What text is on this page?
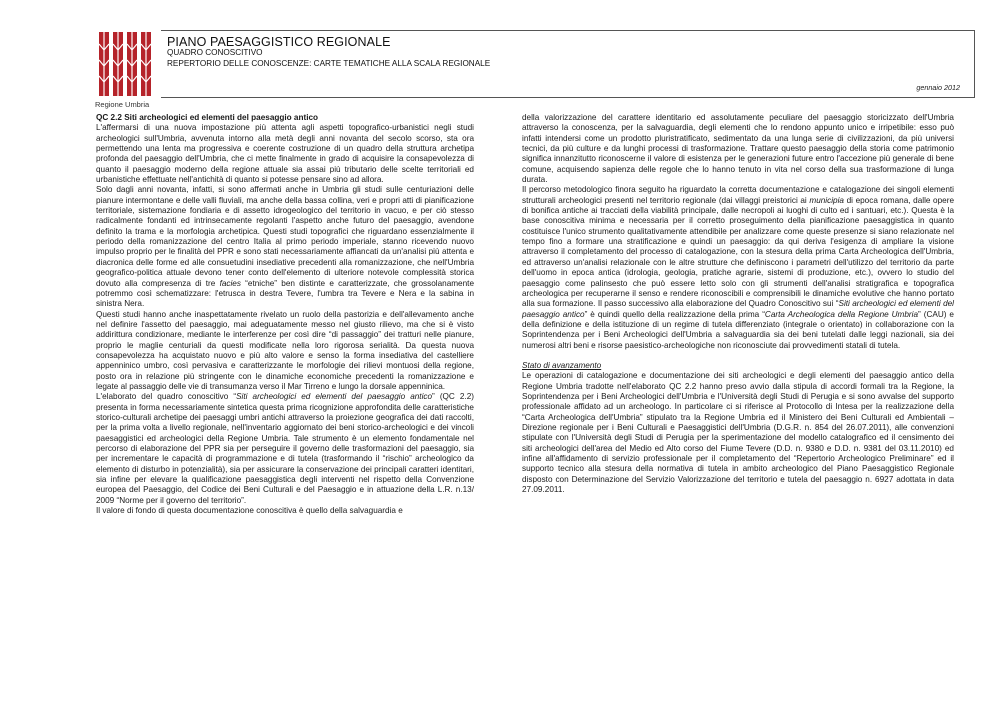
Regione Umbria
PIANO PAESAGGISTICO REGIONALE
QUADRO CONOSCITIVO
REPERTORIO DELLE CONOSCENZE: CARTE TEMATICHE ALLA SCALA REGIONALE
gennaio 2012

QC 2.2 Siti archeologici ed elementi del paesaggio antico

L'affermarsi di una nuova impostazione più attenta agli aspetti topografico-urbanistici negli studi archeologici sull'Umbria, avvenuta intorno alla metà degli anni novanta del secolo scorso, sta ora permettendo una lenta ma progressiva e coerente costruzione di un quadro della struttura archetipa profonda del paesaggio dell'Umbria, che ci mette finalmente in grado di acquisire la consapevolezza di quanto il paesaggio moderno della regione attuale sia assai più tributario delle scelte territoriali ed urbanistiche effettuate nell'antichità di quanto si potesse pensare sino ad allora.

Solo dagli anni novanta, infatti, si sono affermati anche in Umbria gli studi sulle centuriazioni delle pianure intermontane e delle valli fluviali, ma anche della bassa collina, veri e propri atti di pianificazione territoriale, sistemazione fondiaria e di assetto idrogeologico del territorio in vacuo, e per ciò stesso radicalmente fondanti ed intrinsecamente regolanti l'aspetto anche futuro del paesaggio, avendone definito la trama e la morfologia archetipica. Questi studi topografici che riguardano essenzialmente il periodo della romanizzazione del centro Italia al primo periodo imperiale, stanno ricevendo nuovo impulso proprio per le finalità del PPR e sono stati necessariamente affiancati da un'analisi più attenta e diacronica delle forme ed alle consuetudini insediative precedenti alla romanizzazione, che nell'Umbria geografico-politica attuale devono tener conto dell'elemento di ulteriore notevole complessità storica dovuto alla compresenza di tre facies “etniche” ben distinte e caratterizzate, che grossolanamente potremmo così schematizzare: l'etrusca in destra Tevere, l'umbra tra Tevere e Nera e la sabina in sinistra Nera.

Questi studi hanno anche inaspettatamente rivelato un ruolo della pastorizia e dell'allevamento anche nel definire l'assetto del paesaggio, mai adeguatamente messo nel giusto rilievo, ma che si è visto addirittura condizionare, mediante le interferenze per così dire “di passaggio” dei tratturi nelle pianure, proprio le maglie centuriali da questi modificate nella loro rigorosa serialità. Da questa nuova consapevolezza ha acquistato nuovo e più alto valore e senso la forma insediativa del castelliere appenninico umbro, così pervasiva e caratterizzante le morfologie dei rilievi montuosi della regione, posto ora in relazione più stringente con le dinamiche economiche precedenti la romanizzazione e legate al passaggio delle vie di transumanza verso il Mar Tirreno e lungo la dorsale appenninica.

L'elaborato del quadro conoscitivo “Siti archeologici ed elementi del paesaggio antico” (QC 2.2) presenta in forma necessariamente sintetica questa prima ricognizione approfondita delle caratteristiche storico-culturali archetipe dei paesaggi umbri antichi attraverso la proiezione geografica dei dati raccolti, per la prima volta a livello regionale, nell'inventario aggiornato dei beni storico-archeologici e dei vincoli paesaggistici ed archeologici della Regione Umbria. Tale strumento è un elemento fondamentale nel percorso di elaborazione del PPR sia per perseguire il governo delle trasformazioni del paesaggio, sia per incrementare le capacità di programmazione e di tutela (trasformando il “rischio” archeologico da elemento di disturbo in potenzialità), sia per assicurare la conservazione dei principali caratteri identitari, sia infine per elevare la qualificazione paesaggistica degli interventi nel rispetto della Convenzione europea del Paesaggio, del Codice dei Beni Culturali e del Paesaggio e in attuazione della L.R. n.13/ 2009 “Norme per il governo del territorio”.

Il valore di fondo di questa documentazione conoscitiva è quello della salvaguardia e

della valorizzazione del carattere identitario ed assolutamente peculiare del paesaggio storicizzato dell'Umbria attraverso la conoscenza, per la salvaguardia, degli elementi che lo rendono appunto unico e irripetibile: esso può infatti intendersi come un prodotto pluristratificato, sedimentato da una lunga serie di civilizzazioni, da più universi tecnici, da più culture e da lunghi processi di trasformazione. Trattare questo paesaggio della storia come patrimonio significa innanzitutto riconoscerne il valore di esistenza per le generazioni future entro l'accezione più generale di bene comune, acquisendo sapienza delle regole che lo hanno tenuto in vita nel corso della sua trasformazione di lunga durata.

Il percorso metodologico finora seguito ha riguardato la corretta documentazione e catalogazione dei singoli elementi strutturali archeologici presenti nel territorio regionale (dai villaggi preistorici ai municipia di epoca romana, dalle opere di bonifica antiche ai tracciati della viabilità principale, dalle necropoli ai luoghi di culto ed i santuari, etc.). Questa è la base conoscitiva minima e necessaria per il corretto proseguimento della pianificazione paesaggistica in quanto costituisce l'unico strumento qualitativamente attendibile per analizzare come queste presenze si siano relazionate nel tempo fino a formare una stratificazione e quindi un paesaggio: da qui deriva l'esigenza di ampliare la visione attraverso il completamento del processo di catalogazione, con la stesura della prima Carta Archeologica dell'Umbria, ed attraverso un'analisi relazionale con le altre strutture che definiscono i parametri dell'utilizzo del territorio da parte dell'uomo in epoca antica (idrologia, geologia, pratiche agrarie, sistemi di produzione, etc.), ovvero lo studio del paesaggio come palinsesto che può essere letto solo con gli strumenti dell'analisi stratigrafica e topografica archeologica per recuperarne il senso e rendere riconoscibili e comprensibili le dinamiche evolutive che hanno portato alla sua formazione. Il passo successivo alla elaborazione del Quadro Conoscitivo sui “Siti archeologici ed elementi del paesaggio antico” è quindi quello della realizzazione della prima “Carta Archeologica della Regione Umbria” (CAU) e della definizione e della istituzione di un regime di tutela differenziato (integrale o orientato) in collaborazione con la Soprintendenza per i Beni Archeologici dell'Umbria a salvaguardia sia dei beni tutelati dalle leggi nazionali, sia dei numerosi altri beni e risorse paesistico-archeologiche non riconosciute dai provvedimenti statali di tutela.

Stato di avanzamento

Le operazioni di catalogazione e documentazione dei siti archeologici e degli elementi del paesaggio antico della Regione Umbria tradotte nell'elaborato QC 2.2 hanno preso avvio dalla stipula di accordi formali tra la Regione, la Soprintendenza per i Beni Archeologici dell'Umbria e l'Università degli Studi di Perugia e si sono avvalse del supporto professionale affidato ad un archeologo. In particolare ci si riferisce al Protocollo di Intesa per la realizzazione della “Carta Archeologica dell'Umbria” stipulato tra la Regione Umbria ed il Ministero dei Beni Culturali ed Ambientali – Direzione regionale per i Beni Culturali e Paesaggistici dell'Umbria (D.G.R. n. 854 del 26.07.2011), alle convenzioni stipulate con l'Università degli Studi di Perugia per la sperimentazione del modello catalografico ed il censimento dei siti archeologici dell'area del Medio ed Alto corso del Fiume Tevere (D.D. n. 9380 e D.D. n. 9381 del 03.11.2010) ed infine all'affidamento di servizio professionale per il completamento del “Repertorio Archeologico Preliminare” ed il supporto tecnico alla stesura della normativa di tutela in ambito archeologico del Piano Paesaggistico Regionale disposto con Determinazione del Servizio Valorizzazione del territorio e tutela del paesaggio n. 6927 adottata in data 27.09.2011.
